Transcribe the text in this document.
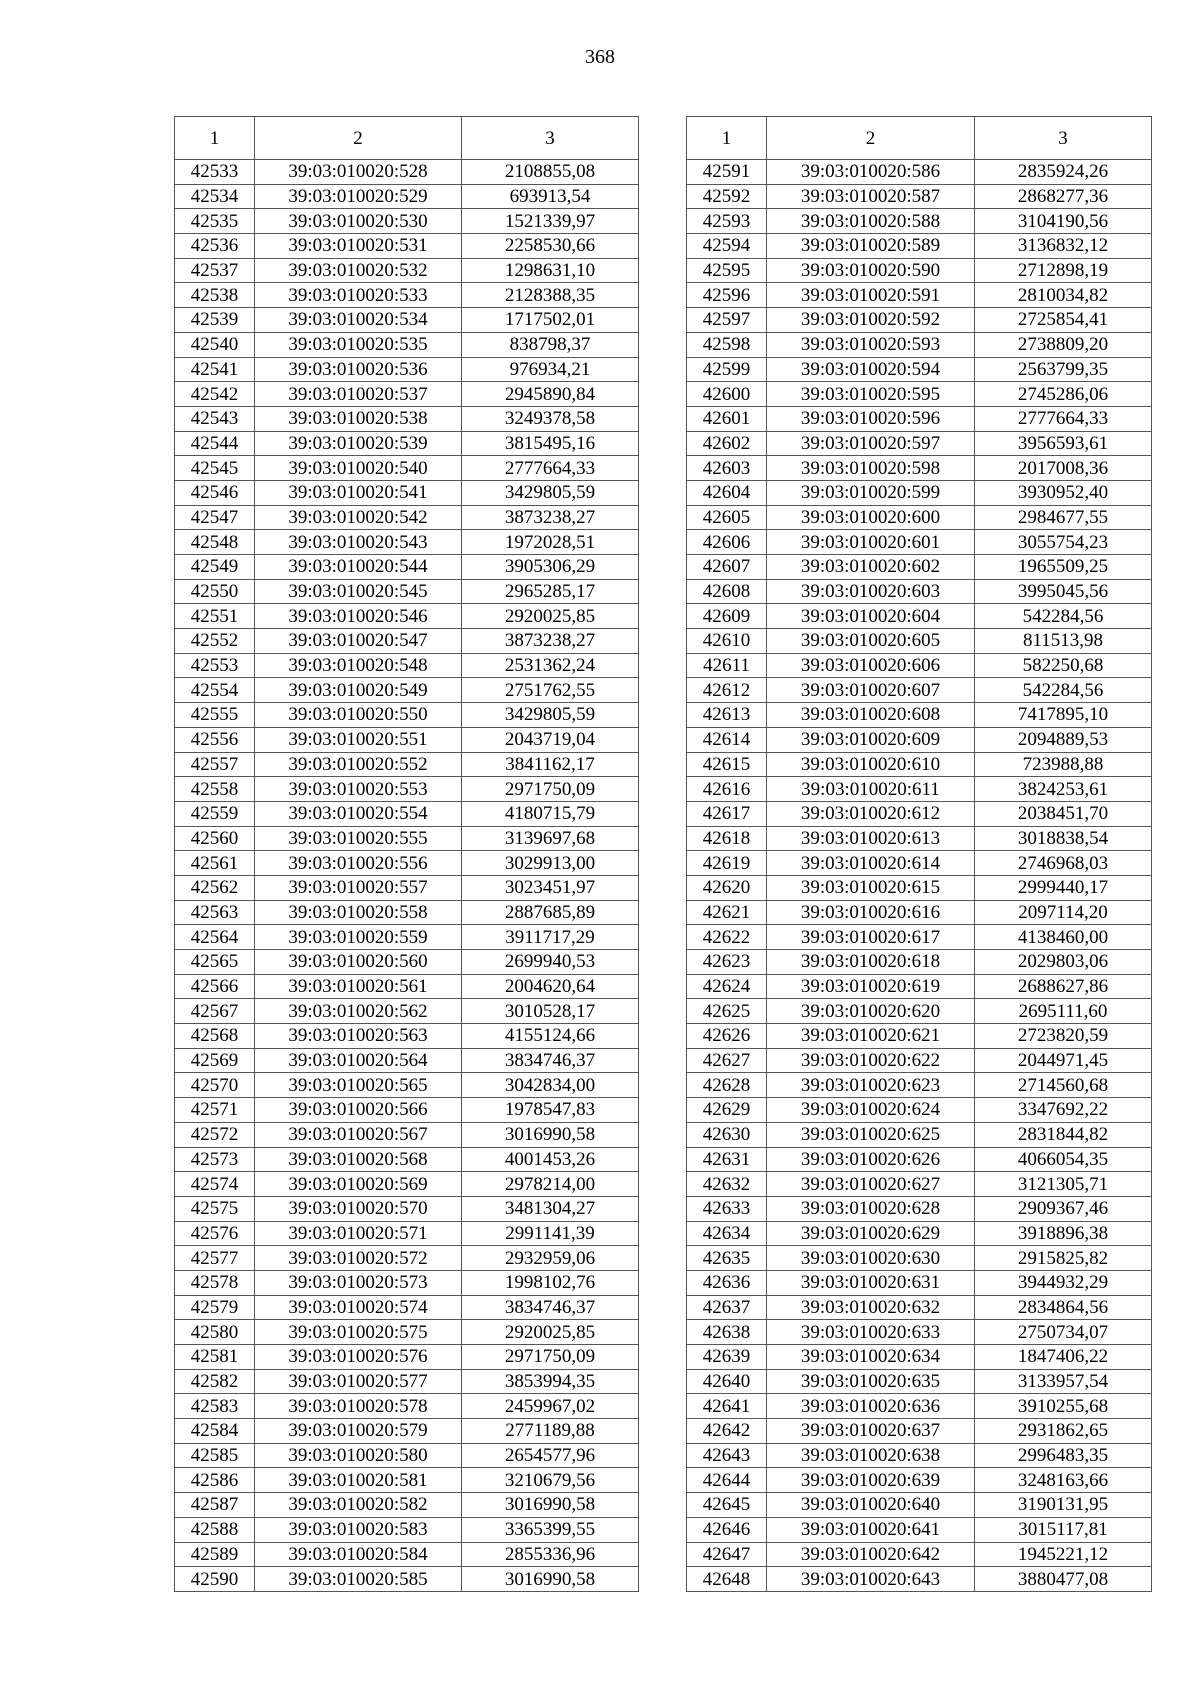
368
1	2	3
42533	39:03:010020:528	2108855,08
42534	39:03:010020:529	693913,54
42535	39:03:010020:530	1521339,97
42536	39:03:010020:531	2258530,66
42537	39:03:010020:532	1298631,10
42538	39:03:010020:533	2128388,35
42539	39:03:010020:534	1717502,01
42540	39:03:010020:535	838798,37
42541	39:03:010020:536	976934,21
42542	39:03:010020:537	2945890,84
42543	39:03:010020:538	3249378,58
42544	39:03:010020:539	3815495,16
42545	39:03:010020:540	2777664,33
42546	39:03:010020:541	3429805,59
42547	39:03:010020:542	3873238,27
42548	39:03:010020:543	1972028,51
42549	39:03:010020:544	3905306,29
42550	39:03:010020:545	2965285,17
42551	39:03:010020:546	2920025,85
42552	39:03:010020:547	3873238,27
42553	39:03:010020:548	2531362,24
42554	39:03:010020:549	2751762,55
42555	39:03:010020:550	3429805,59
42556	39:03:010020:551	2043719,04
42557	39:03:010020:552	3841162,17
42558	39:03:010020:553	2971750,09
42559	39:03:010020:554	4180715,79
42560	39:03:010020:555	3139697,68
42561	39:03:010020:556	3029913,00
42562	39:03:010020:557	3023451,97
42563	39:03:010020:558	2887685,89
42564	39:03:010020:559	3911717,29
42565	39:03:010020:560	2699940,53
42566	39:03:010020:561	2004620,64
42567	39:03:010020:562	3010528,17
42568	39:03:010020:563	4155124,66
42569	39:03:010020:564	3834746,37
42570	39:03:010020:565	3042834,00
42571	39:03:010020:566	1978547,83
42572	39:03:010020:567	3016990,58
42573	39:03:010020:568	4001453,26
42574	39:03:010020:569	2978214,00
42575	39:03:010020:570	3481304,27
42576	39:03:010020:571	2991141,39
42577	39:03:010020:572	2932959,06
42578	39:03:010020:573	1998102,76
42579	39:03:010020:574	3834746,37
42580	39:03:010020:575	2920025,85
42581	39:03:010020:576	2971750,09
42582	39:03:010020:577	3853994,35
42583	39:03:010020:578	2459967,02
42584	39:03:010020:579	2771189,88
42585	39:03:010020:580	2654577,96
42586	39:03:010020:581	3210679,56
42587	39:03:010020:582	3016990,58
42588	39:03:010020:583	3365399,55
42589	39:03:010020:584	2855336,96
42590	39:03:010020:585	3016990,58
1	2	3
42591	39:03:010020:586	2835924,26
42592	39:03:010020:587	2868277,36
42593	39:03:010020:588	3104190,56
42594	39:03:010020:589	3136832,12
42595	39:03:010020:590	2712898,19
42596	39:03:010020:591	2810034,82
42597	39:03:010020:592	2725854,41
42598	39:03:010020:593	2738809,20
42599	39:03:010020:594	2563799,35
42600	39:03:010020:595	2745286,06
42601	39:03:010020:596	2777664,33
42602	39:03:010020:597	3956593,61
42603	39:03:010020:598	2017008,36
42604	39:03:010020:599	3930952,40
42605	39:03:010020:600	2984677,55
42606	39:03:010020:601	3055754,23
42607	39:03:010020:602	1965509,25
42608	39:03:010020:603	3995045,56
42609	39:03:010020:604	542284,56
42610	39:03:010020:605	811513,98
42611	39:03:010020:606	582250,68
42612	39:03:010020:607	542284,56
42613	39:03:010020:608	7417895,10
42614	39:03:010020:609	2094889,53
42615	39:03:010020:610	723988,88
42616	39:03:010020:611	3824253,61
42617	39:03:010020:612	2038451,70
42618	39:03:010020:613	3018838,54
42619	39:03:010020:614	2746968,03
42620	39:03:010020:615	2999440,17
42621	39:03:010020:616	2097114,20
42622	39:03:010020:617	4138460,00
42623	39:03:010020:618	2029803,06
42624	39:03:010020:619	2688627,86
42625	39:03:010020:620	2695111,60
42626	39:03:010020:621	2723820,59
42627	39:03:010020:622	2044971,45
42628	39:03:010020:623	2714560,68
42629	39:03:010020:624	3347692,22
42630	39:03:010020:625	2831844,82
42631	39:03:010020:626	4066054,35
42632	39:03:010020:627	3121305,71
42633	39:03:010020:628	2909367,46
42634	39:03:010020:629	3918896,38
42635	39:03:010020:630	2915825,82
42636	39:03:010020:631	3944932,29
42637	39:03:010020:632	2834864,56
42638	39:03:010020:633	2750734,07
42639	39:03:010020:634	1847406,22
42640	39:03:010020:635	3133957,54
42641	39:03:010020:636	3910255,68
42642	39:03:010020:637	2931862,65
42643	39:03:010020:638	2996483,35
42644	39:03:010020:639	3248163,66
42645	39:03:010020:640	3190131,95
42646	39:03:010020:641	3015117,81
42647	39:03:010020:642	1945221,12
42648	39:03:010020:643	3880477,08
